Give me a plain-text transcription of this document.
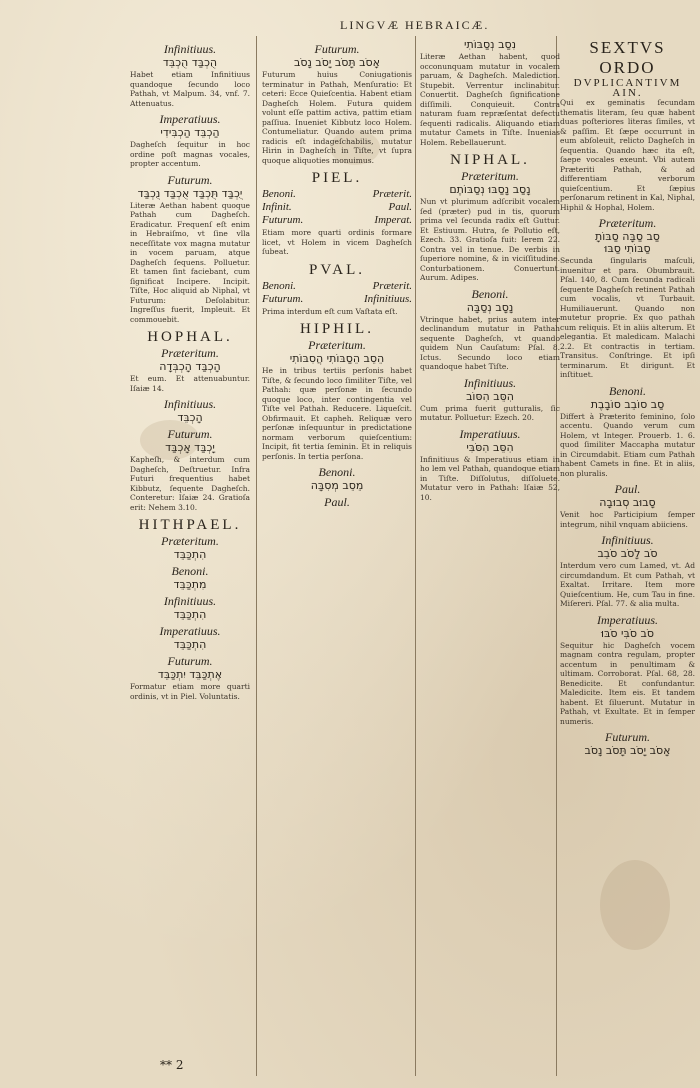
LINGVÆ HEBRAICÆ.
Infinitiuus.
הֻכְבַּד הֻכְבֵּד
Habet etiam Infinitiuus quandoque ſecundo loco Pathah, vt Malpum. 34, vnf. 7. Attenuatus.
Imperatiuus.
הַכְבֵּד הַכְבִּידִי
Dagheſch ſequitur in hoc ordine poſt magnas vocales, propter accentum.
Futurum.
יֻכְבַּד תֻּכְבַּד אֻכְבַּד נֻכְבַּד
Literæ Aethan habent quoque Pathah cum Dagheſch. Eradicatur. Frequenſ eſt enim in Hebraiſmo, vt ſine vlla neceſſitate vox magna mutatur in vocem paruam, atque Dagheſch ſequens. Polluetur. Et tamen ſint faciebant, cum ſignificat Incipere. Incipit. Tiſte, Hoc aliquid ab Niphal, vt Futurum: Deſolabitur. Ingreſſus fuerit, Impleuit. Et commouebit.
HOPHAL.
Præteritum.
הָכְבַּד הָכְבְּדָה
Et eum. Et attenuabuntur. Iſaiæ 14.
Infinitiuus.
הָכְבֵּד
Futurum.
יָכְבַּד אָכְבַּד
Kapheſh, & interdum cum Dagheſch, Deſtruetur. Infra Futuri frequentius habet Kibbutz, ſequente Dagheſch. Conteretur: Iſaiæ 24. Gratioſa erit: Nehem 3.10.
HITHPAEL.
Præteritum.
הִתְכַּבֵּד
Benoni.
מִתְכַּבֵּד
Infinitiuus.
הִתְכַּבֵּד
Imperatiuus.
הִתְכַּבֵּד
Futurum.
אֶתְכַּבֵּד יִתְכַּבֵּד
Formatur etiam more quarti ordinis, vt in Piel. Voluntatis.
Futurum.
אָסֹב תָּסֹב יָסֹב נָסֹב
Futurum huius Coniugationis terminatur in Pathah, Menſuratio: Et ceteri: Ecce Quieſcentia. Habent etiam Dagheſch Holem. Futura quidem volunt eſſe pattim activa, pattim etiam paſſiua. Inueniet Kibbutz loco Holem. Contumeliatur. Quando autem prima radicis eſt indageſchabilis, mutatur Hirin in Dagheſch in Tiſte, vt ſupra quoque aliquoties monuimus.
PIEL.
Benoni.	Præterit.
Infinit.	Paul.
Futurum.	Imperat.
Etiam more quarti ordinis formare licet, vt Holem in vicem Dagheſch ſubeat.
PVAL.
Benoni.	Præterit.
Futurum.	Infinitiuus.
Prima interdum eſt cum Vaſtata eſt.
HIPHIL.
Præteritum.
הֵסֵב הֵסַבּוֹתִי הֲסִבּוֹתִי
He in tribus tertiis perſonis habet Tiſte, & ſecundo loco ſimiliter Tiſte, vel Pathah: quæ perſonæ in ſecundo quoque loco, inter contingentia vel Tiſte vel Pathah. Reducere. Liqueſcit. Obfirmauit. Et capheh. Reliquæ vero perſonæ inſequuntur in predictatione normam verborum quieſcentium: Incipit, fit tertia ſeminin. Et in reliquis perſonis. In tertia perſona.
Benoni.
מֵסֵב מְסִבָּה
Paul.
נִסַב נְסַבּוֹתִי
Literæ Aethan habent, quod occonunquam mutatur in vocalem paruam, & Dagheſch. Malediction. Stupebit. Verrentur inclinabitur. Conuertit. Dagheſch ſignificatione diſſimili. Conquieuit. Contra naturam fuam repræſentat defectu ſequenti radicalis. Aliquando etiam mutatur Camets in Tiſte. Inuenias Holem. Rebellauerunt.
NIPHAL.
Præteritum.
נָסַב נָסַבּוּ נְסַבּוֹתֶם
Nun vt plurimum adſcribit vocalem ſed (præter) pud in tis, quorum prima vel ſecunda radix eſt Guttur. Et Estiuum. Hutra, ſe Pollutio eſt, Ezech. 33. Gratioſa fuit: Ierem 22. Contra vel in tenue. De verbis in ſuperiore nomine, & in viciſſitudine. Conturbationem. Conuertunt. Aurum. Adipes.
Benoni.
נָסָב נְסַבָּה
Vtrinque habet, prius autem inter declinandum mutatur in Pathah sequente Dagheſch, vt quando quidem Nun Cauſatum: Pſal. 8. Ictus. Secundo loco etiam quandoque habet Tiſte.
Infinitiuus.
הִסֵּב הִסּוֹב
Cum prima fuerit gutturalis, ſic mutatur. Polluetur: Ezech. 20.
Imperatiuus.
הִסֵּב הִסֹּבִּי
Infinitiuus & Imperatiuus etiam in ho lem vel Pathah, quandoque etiam in Tiſte. Diſſolutus, diſſoluete. Mutatur vero in Pathah: Iſaiæ 52, 10.
SEXTVS ORDO
DVPLICANTIVM AIN.
Qui ex geminatis ſecundam thematis literam, ſeu quæ habent duas poſteriores literas ſimiles, vt & paſſim. Et ſæpe occurrunt in eum abſoleuit, relicto Dagheſch in ſequentia. Quando hæc ita eſt, ſaepe vocales exeunt. Vbi autem Præteriti Pathah, & ad differentiam verborum quieſcentium. Et ſæpius perſonarum retinent in Kal, Niphal, Hiphil & Hophal, Holem.
Præteritum.
סַב סַבָּה סַבּוֹתָ
סַבּוֹתִי סַבּוּ
Secunda ſingularis maſculi, inuenitur et para. Obumbrauit. Pſal. 140, 8. Cum ſecunda radicali ſequente Dagheſch retinent Pathah cum vocalis, vt Turbauit. Humiliauerunt. Quando non mutetur proprie. Ex quo pathah cum reliquis. Et in aliis alterum. Et elegantia. Et maledicam. Malachi 2.2. Et contractis in tertiam. Transitus. Conſtringe. Et ipſi terminarum. Et dirigunt. Et inſtituet.
Benoni.
סַב סוֹבֵב סוֹבָבֶת
Differt à Præterito feminino, ſolo accentu. Quando verum cum Holem, vt Integer. Prouerb. 1. 6. quod ſimiliter Maccapha mutatur in Circumdabit. Etiam cum Pathah habent Camets in fine. Et in aliis, non pluralis.
Paul.
סָבוּב סְבוּבָה
Venit hoc Participium ſemper integrum, nihil vnquam abiiciens.
Infinitiuus.
סֹב לָסֹב סֹבֵב
Interdum vero cum Lamed, vt. Ad circumdandum. Et cum Pathah, vt Exaltat. Irritare. Item more Quieſcentium. He, cum Tau in fine. Miſereri. Pſal. 77. & alia multa.
Imperatiuus.
סֹב סֹבִּי סֹבּוּ
Sequitur hic Dagheſch vocem magnam contra regulam, propter accentum in penultimam & ultimam. Corroborat. Pſal. 68, 28. Benedicite. Et confundantur. Maledicite. Item eis. Et tandem habent. Et ſiluerunt. Mutatur in Pathah, vt Exultate. Et in ſemper numeris.
Futurum.
אָסֹב יָסֹב תָּסֹב נָסֹב
** 2
